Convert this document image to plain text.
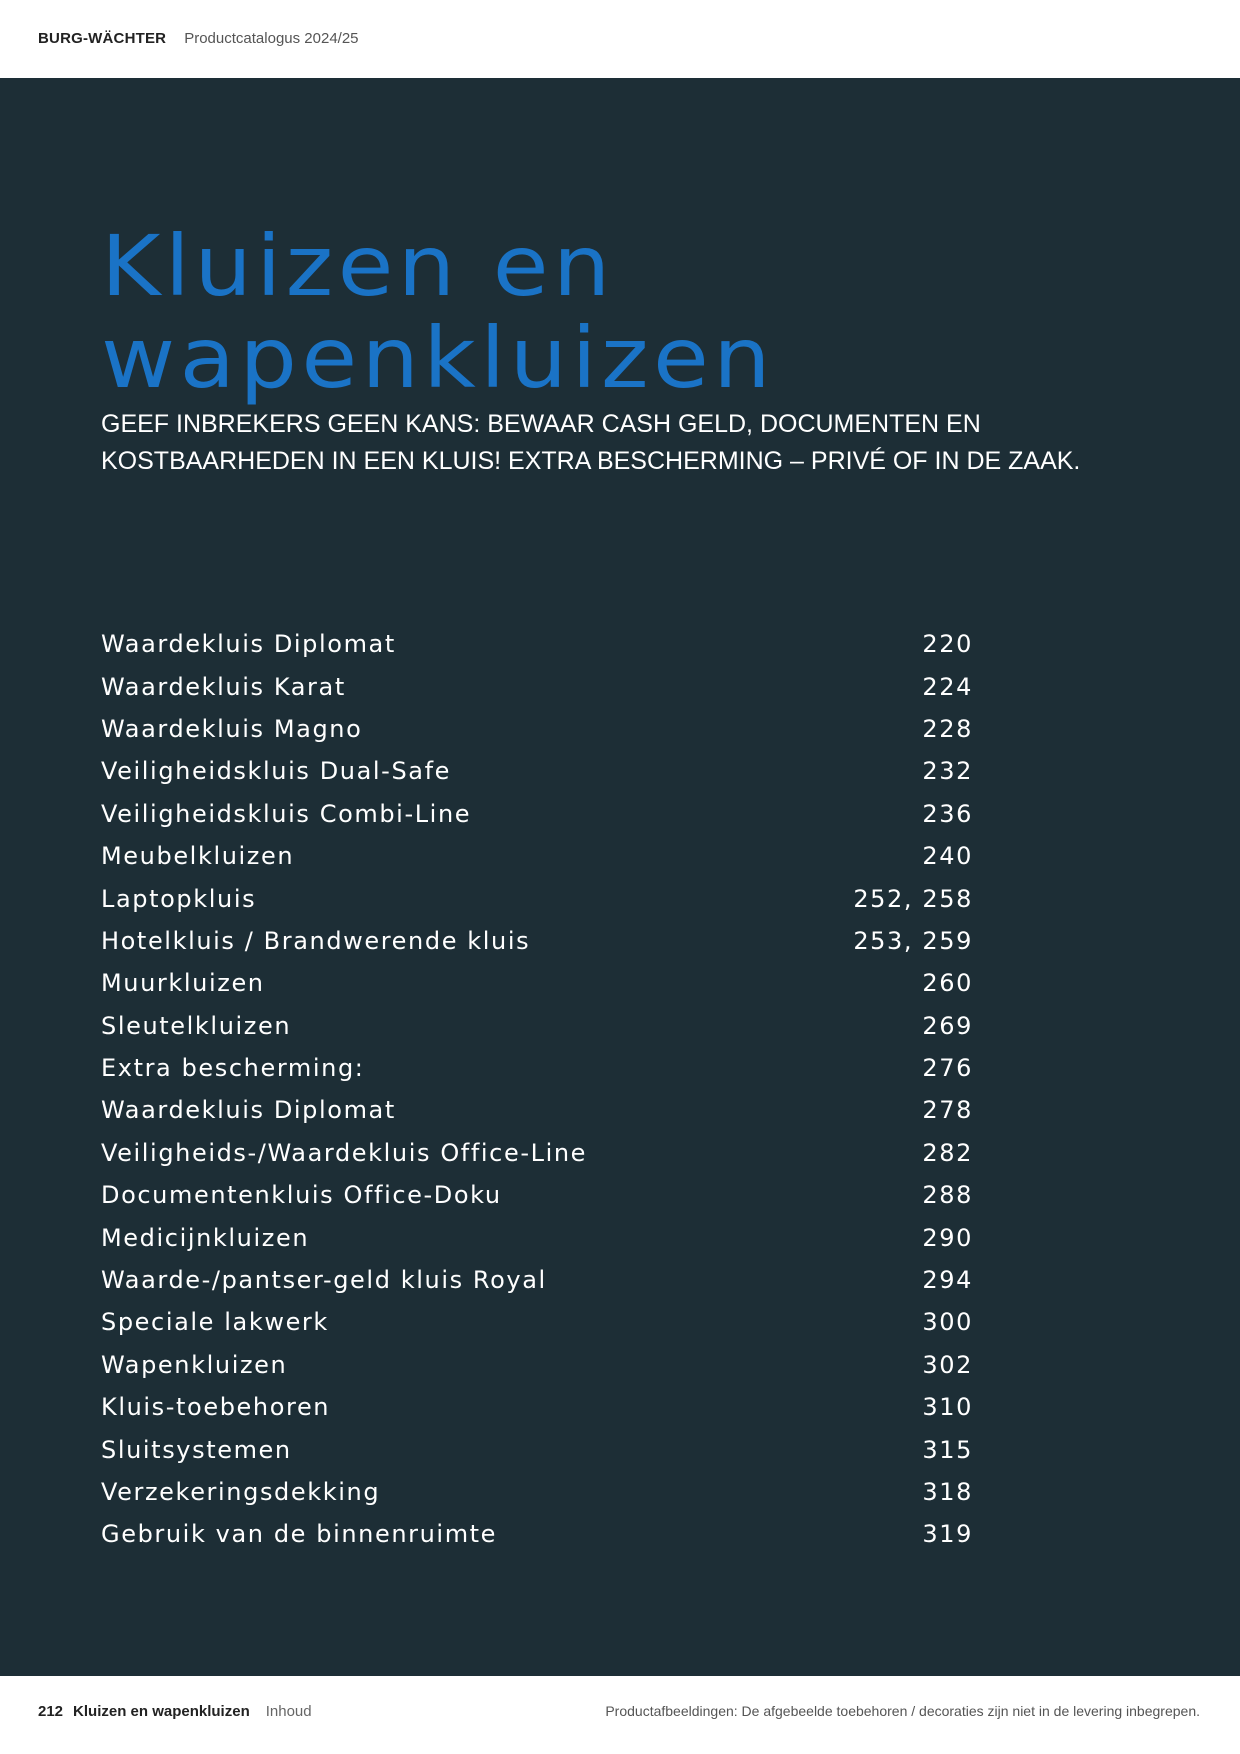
BURG-WÄCHTER Productcatalogus 2024/25
Kluizen en
wapenkluizen
GEEF INBREKERS GEEN KANS: BEWAAR CASH GELD, DOCUMENTEN EN
KOSTBAARHEDEN IN EEN KLUIS! EXTRA BESCHERMING – PRIVÉ OF IN DE ZAAK.
Waardekluis Diplomat	220
Waardekluis Karat	224
Waardekluis Magno	228
Veiligheidskluis Dual-Safe	232
Veiligheidskluis Combi-Line	236
Meubelkluizen	240
Laptopkluis	252, 258
Hotelkluis / Brandwerende kluis	253, 259
Muurkluizen	260
Sleutelkluizen	269
Extra bescherming:	276
Waardekluis Diplomat	278
Veiligheids-/Waardekluis Office-Line	282
Documentenkluis Office-Doku	288
Medicijnkluizen	290
Waarde-/pantser-geld kluis Royal	294
Speciale lakwerk	300
Wapenkluizen	302
Kluis-toebehoren	310
Sluitsystemen	315
Verzekeringsdekking	318
Gebruik van de binnenruimte	319
212 Kluizen en wapenkluizen Inhoud	Productafbeeldingen: De afgebeelde toebehoren / decoraties zijn niet in de levering inbegrepen.
